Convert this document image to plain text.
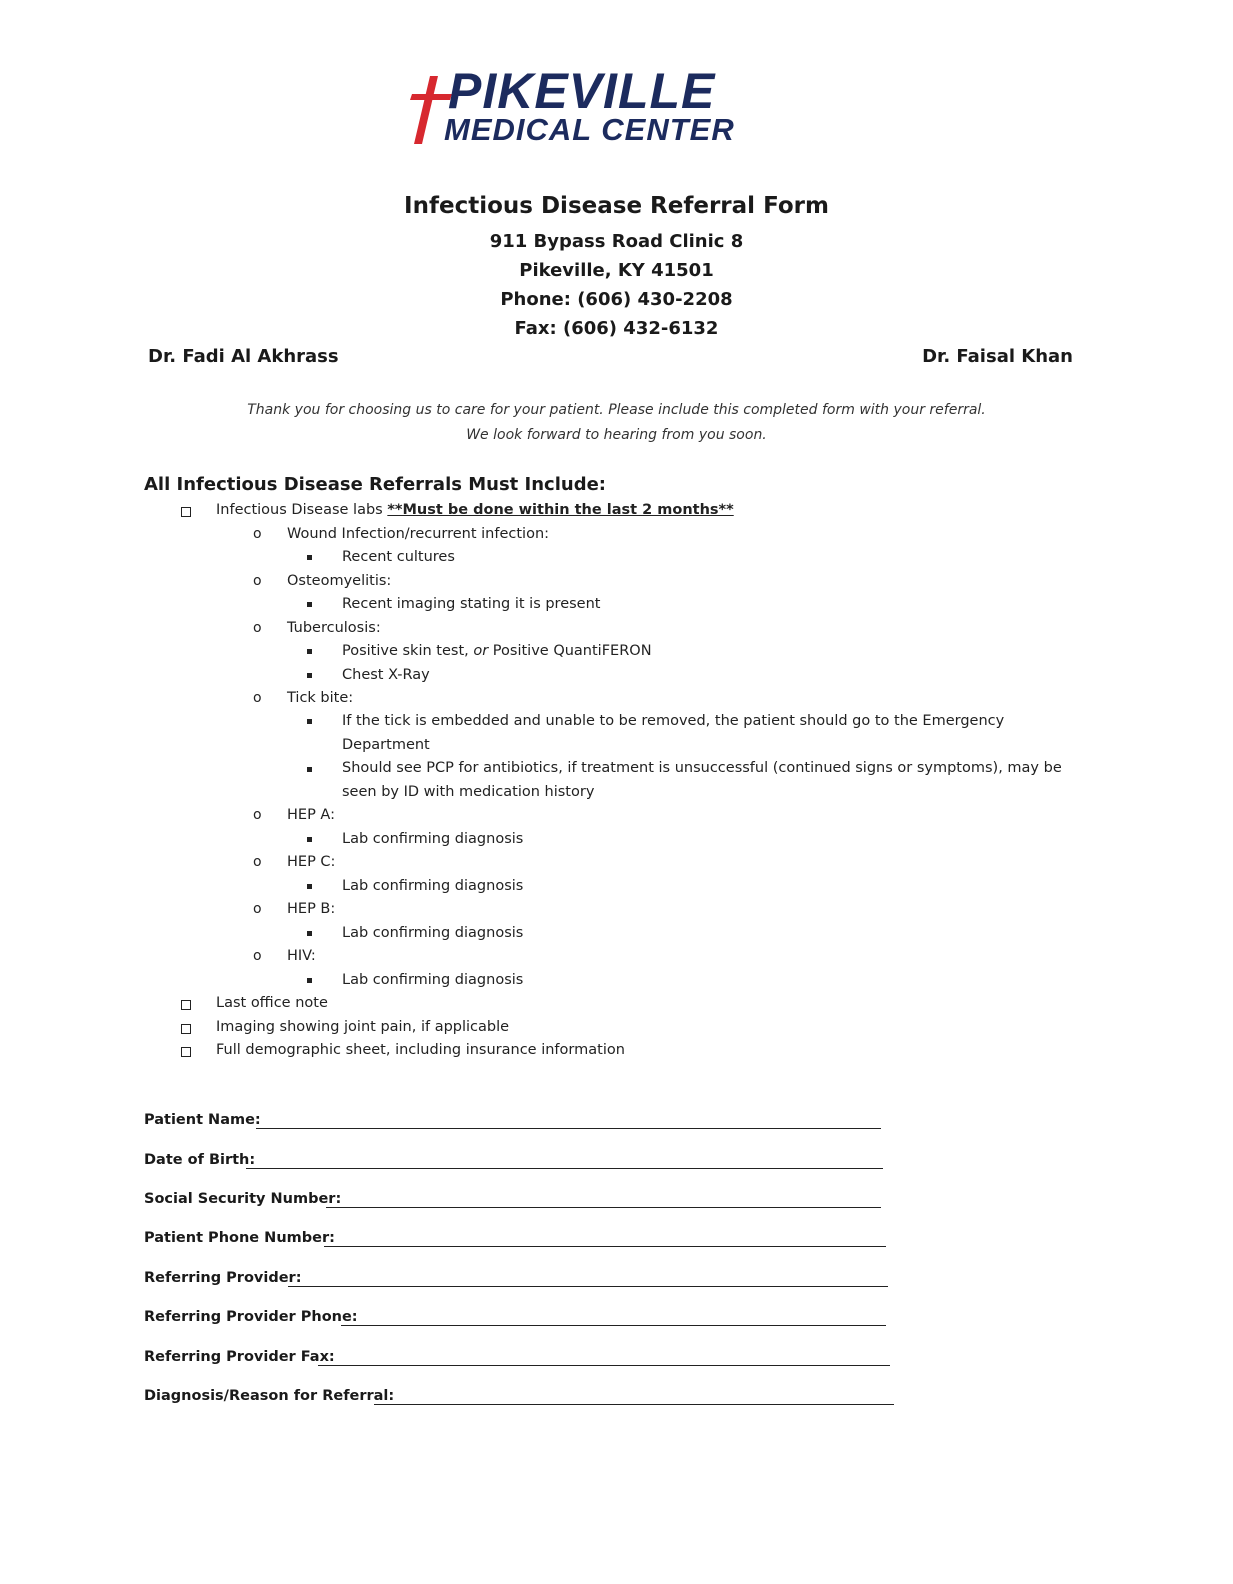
PIKEVILLE
MEDICAL CENTER
Infectious Disease Referral Form
911 Bypass Road Clinic 8
Pikeville, KY 41501
Phone: (606) 430-2208
Fax: (606) 432-6132
Dr. Fadi Al Akhrass	Dr. Faisal Khan
Thank you for choosing us to care for your patient. Please include this completed form with your referral.
We look forward to hearing from you soon.
All Infectious Disease Referrals Must Include:
Infectious Disease labs **Must be done within the last 2 months**
o Wound Infection/recurrent infection:
Recent cultures
o Osteomyelitis:
Recent imaging stating it is present
o Tuberculosis:
Positive skin test, or Positive QuantiFERON
Chest X-Ray
o Tick bite:
If the tick is embedded and unable to be removed, the patient should go to the Emergency
Department
Should see PCP for antibiotics, if treatment is unsuccessful (continued signs or symptoms), may be
seen by ID with medication history
o HEP A:
Lab confirming diagnosis
o HEP C:
Lab confirming diagnosis
o HEP B:
Lab confirming diagnosis
o HIV:
Lab confirming diagnosis
Last office note
Imaging showing joint pain, if applicable
Full demographic sheet, including insurance information
Patient Name:
Date of Birth:
Social Security Number:
Patient Phone Number:
Referring Provider:
Referring Provider Phone:
Referring Provider Fax:
Diagnosis/Reason for Referral:
